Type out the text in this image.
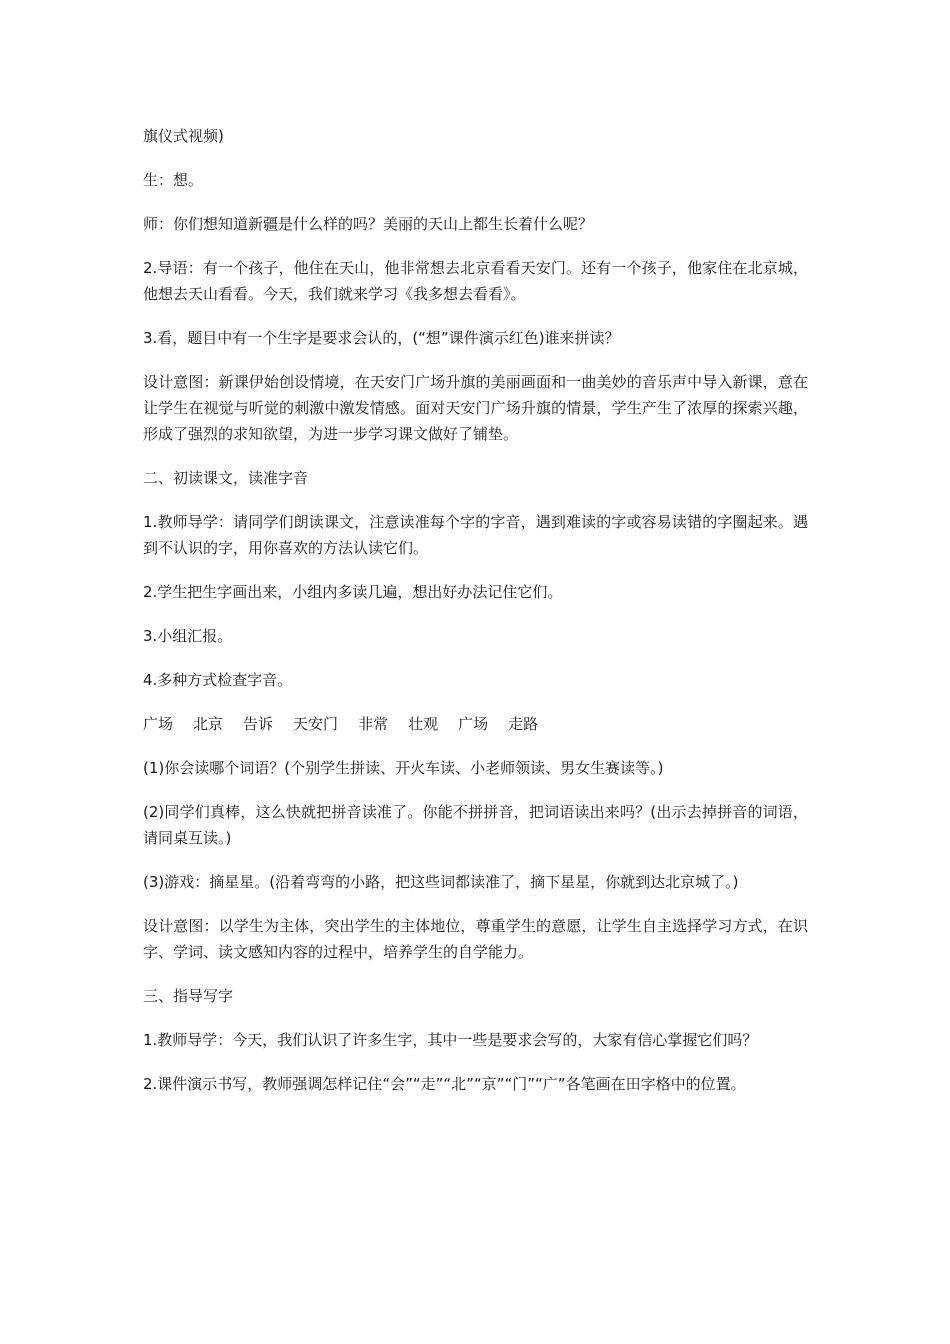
旗仪式视频)

生：想。

师：你们想知道新疆是什么样的吗？美丽的天山上都生长着什么呢？

2.导语：有一个孩子，他住在天山，他非常想去北京看看天安门。还有一个孩子，他家住在北京城，他想去天山看看。今天，我们就来学习《我多想去看看》。

3.看，题目中有一个生字是要求会认的，(“想”课件演示红色)谁来拼读？

设计意图：新课伊始创设情境，在天安门广场升旗的美丽画面和一曲美妙的音乐声中导入新课，意在让学生在视觉与听觉的刺激中激发情感。面对天安门广场升旗的情景，学生产生了浓厚的探索兴趣，形成了强烈的求知欲望，为进一步学习课文做好了铺垫。

二、初读课文，读准字音

1.教师导学：请同学们朗读课文，注意读准每个字的字音，遇到难读的字或容易读错的字圈起来。遇到不认识的字，用你喜欢的方法认读它们。

2.学生把生字画出来，小组内多读几遍，想出好办法记住它们。

3.小组汇报。

4.多种方式检查字音。

广场 北京 告诉 天安门 非常 壮观 广场 走路

(1)你会读哪个词语？(个别学生拼读、开火车读、小老师领读、男女生赛读等。)

(2)同学们真棒，这么快就把拼音读准了。你能不拼拼音，把词语读出来吗？(出示去掉拼音的词语，请同桌互读。)

(3)游戏：摘星星。(沿着弯弯的小路，把这些词都读准了，摘下星星，你就到达北京城了。)

设计意图：以学生为主体，突出学生的主体地位，尊重学生的意愿，让学生自主选择学习方式，在识字、学词、读文感知内容的过程中，培养学生的自学能力。

三、指导写字

1.教师导学：今天，我们认识了许多生字，其中一些是要求会写的，大家有信心掌握它们吗？

2.课件演示书写，教师强调怎样记住“会”“走”“北”“京”“门”“广”各笔画在田字格中的位置。
